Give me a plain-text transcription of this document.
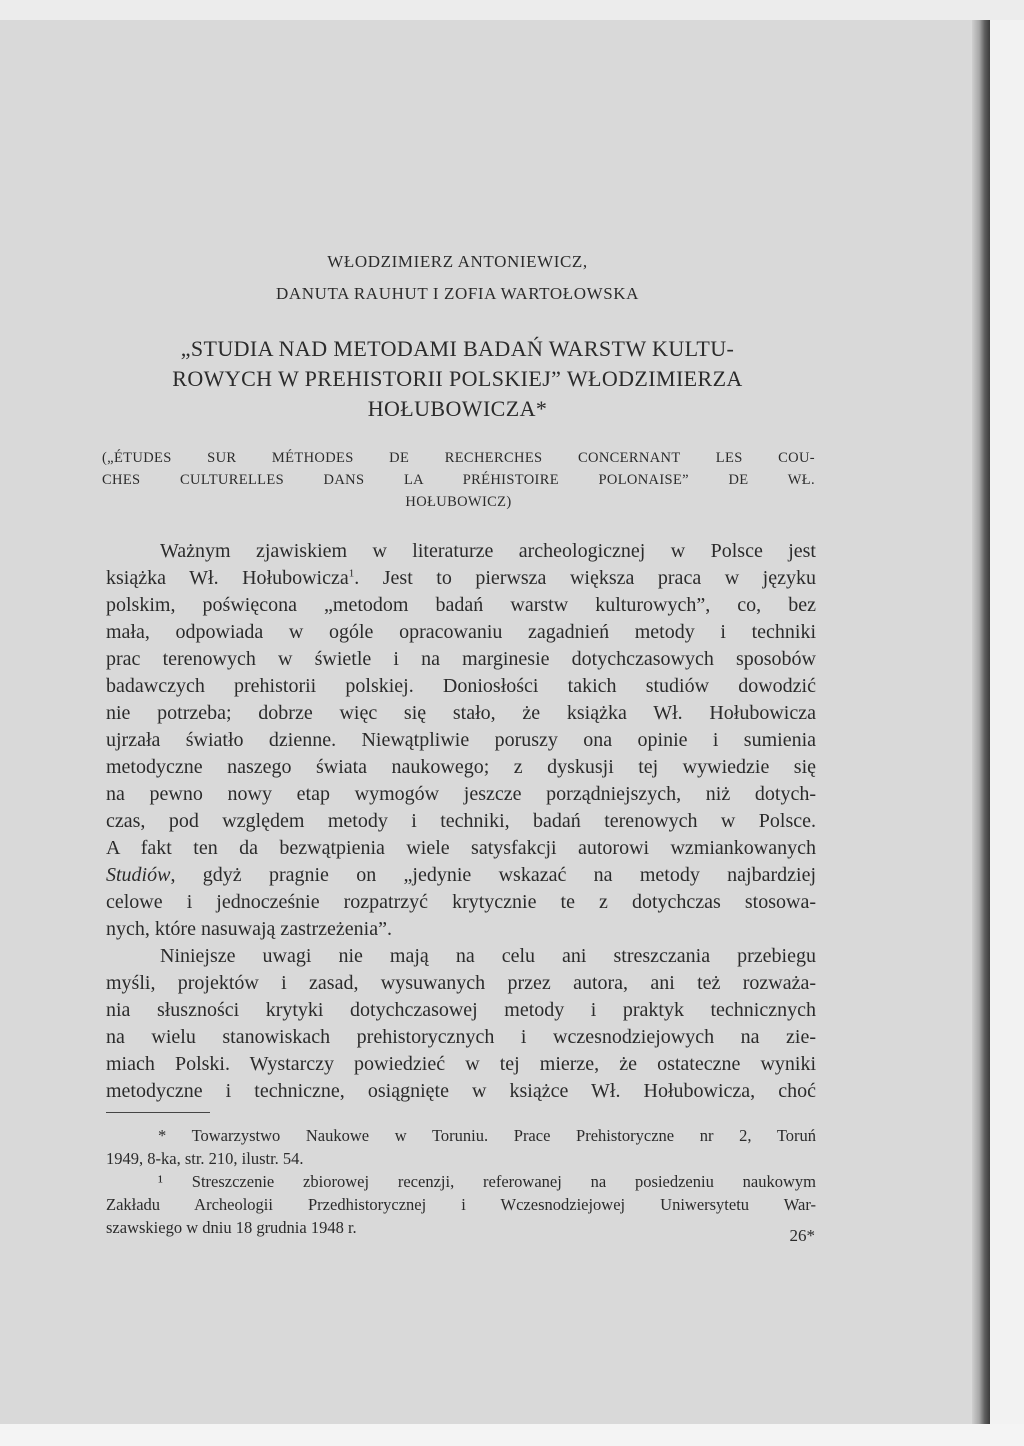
WŁODZIMIERZ ANTONIEWICZ,
DANUTA RAUHUT I ZOFIA WARTOŁOWSKA
„STUDIA NAD METODAMI BADAŃ WARSTW KULTU-
ROWYCH W PREHISTORII POLSKIEJ” WŁODZIMIERZA
HOŁUBOWICZA*
(„ÉTUDES SUR MÉTHODES DE RECHERCHES CONCERNANT LES COU-
CHES CULTURELLES DANS LA PRÉHISTOIRE POLONAISE” DE WŁ.
HOŁUBOWICZ)
Ważnym zjawiskiem w literaturze archeologicznej w Polsce jest
książka Wł. Hołubowicza$^1$. Jest to pierwsza większa praca w języku
polskim, poświęcona „metodom badań warstw kulturowych”, co, bez
mała, odpowiada w ogóle opracowaniu zagadnień metody i techniki
prac terenowych w świetle i na marginesie dotychczasowych sposobów
badawczych prehistorii polskiej. Doniosłości takich studiów dowodzić
nie potrzeba; dobrze więc się stało, że książka Wł. Hołubowicza
ujrzała światło dzienne. Niewątpliwie poruszy ona opinie i sumienia
metodyczne naszego świata naukowego; z dyskusji tej wywiedzie się
na pewno nowy etap wymogów jeszcze porządniejszych, niż dotych-
czas, pod względem metody i techniki, badań terenowych w Polsce.
A fakt ten da bezwątpienia wiele satysfakcji autorowi wzmiankowanych
Studiów, gdyż pragnie on „jedynie wskazać na metody najbardziej
celowe i jednocześnie rozpatrzyć krytycznie te z dotychczas stosowa-
nych, które nasuwają zastrzeżenia”.
Niniejsze uwagi nie mają na celu ani streszczania przebiegu
myśli, projektów i zasad, wysuwanych przez autora, ani też rozważa-
nia słuszności krytyki dotychczasowej metody i praktyk technicznych
na wielu stanowiskach prehistorycznych i wczesnodziejowych na zie-
miach Polski. Wystarczy powiedzieć w tej mierze, że ostateczne wyniki
metodyczne i techniczne, osiągnięte w książce Wł. Hołubowicza, choć
* Towarzystwo Naukowe w Toruniu. Prace Prehistoryczne nr 2, Toruń
1949, 8-ka, str. 210, ilustr. 54.
¹ Streszczenie zbiorowej recenzji, referowanej na posiedzeniu naukowym
Zakładu Archeologii Przedhistorycznej i Wczesnodziejowej Uniwersytetu War-
szawskiego w dniu 18 grudnia 1948 r.	26*
